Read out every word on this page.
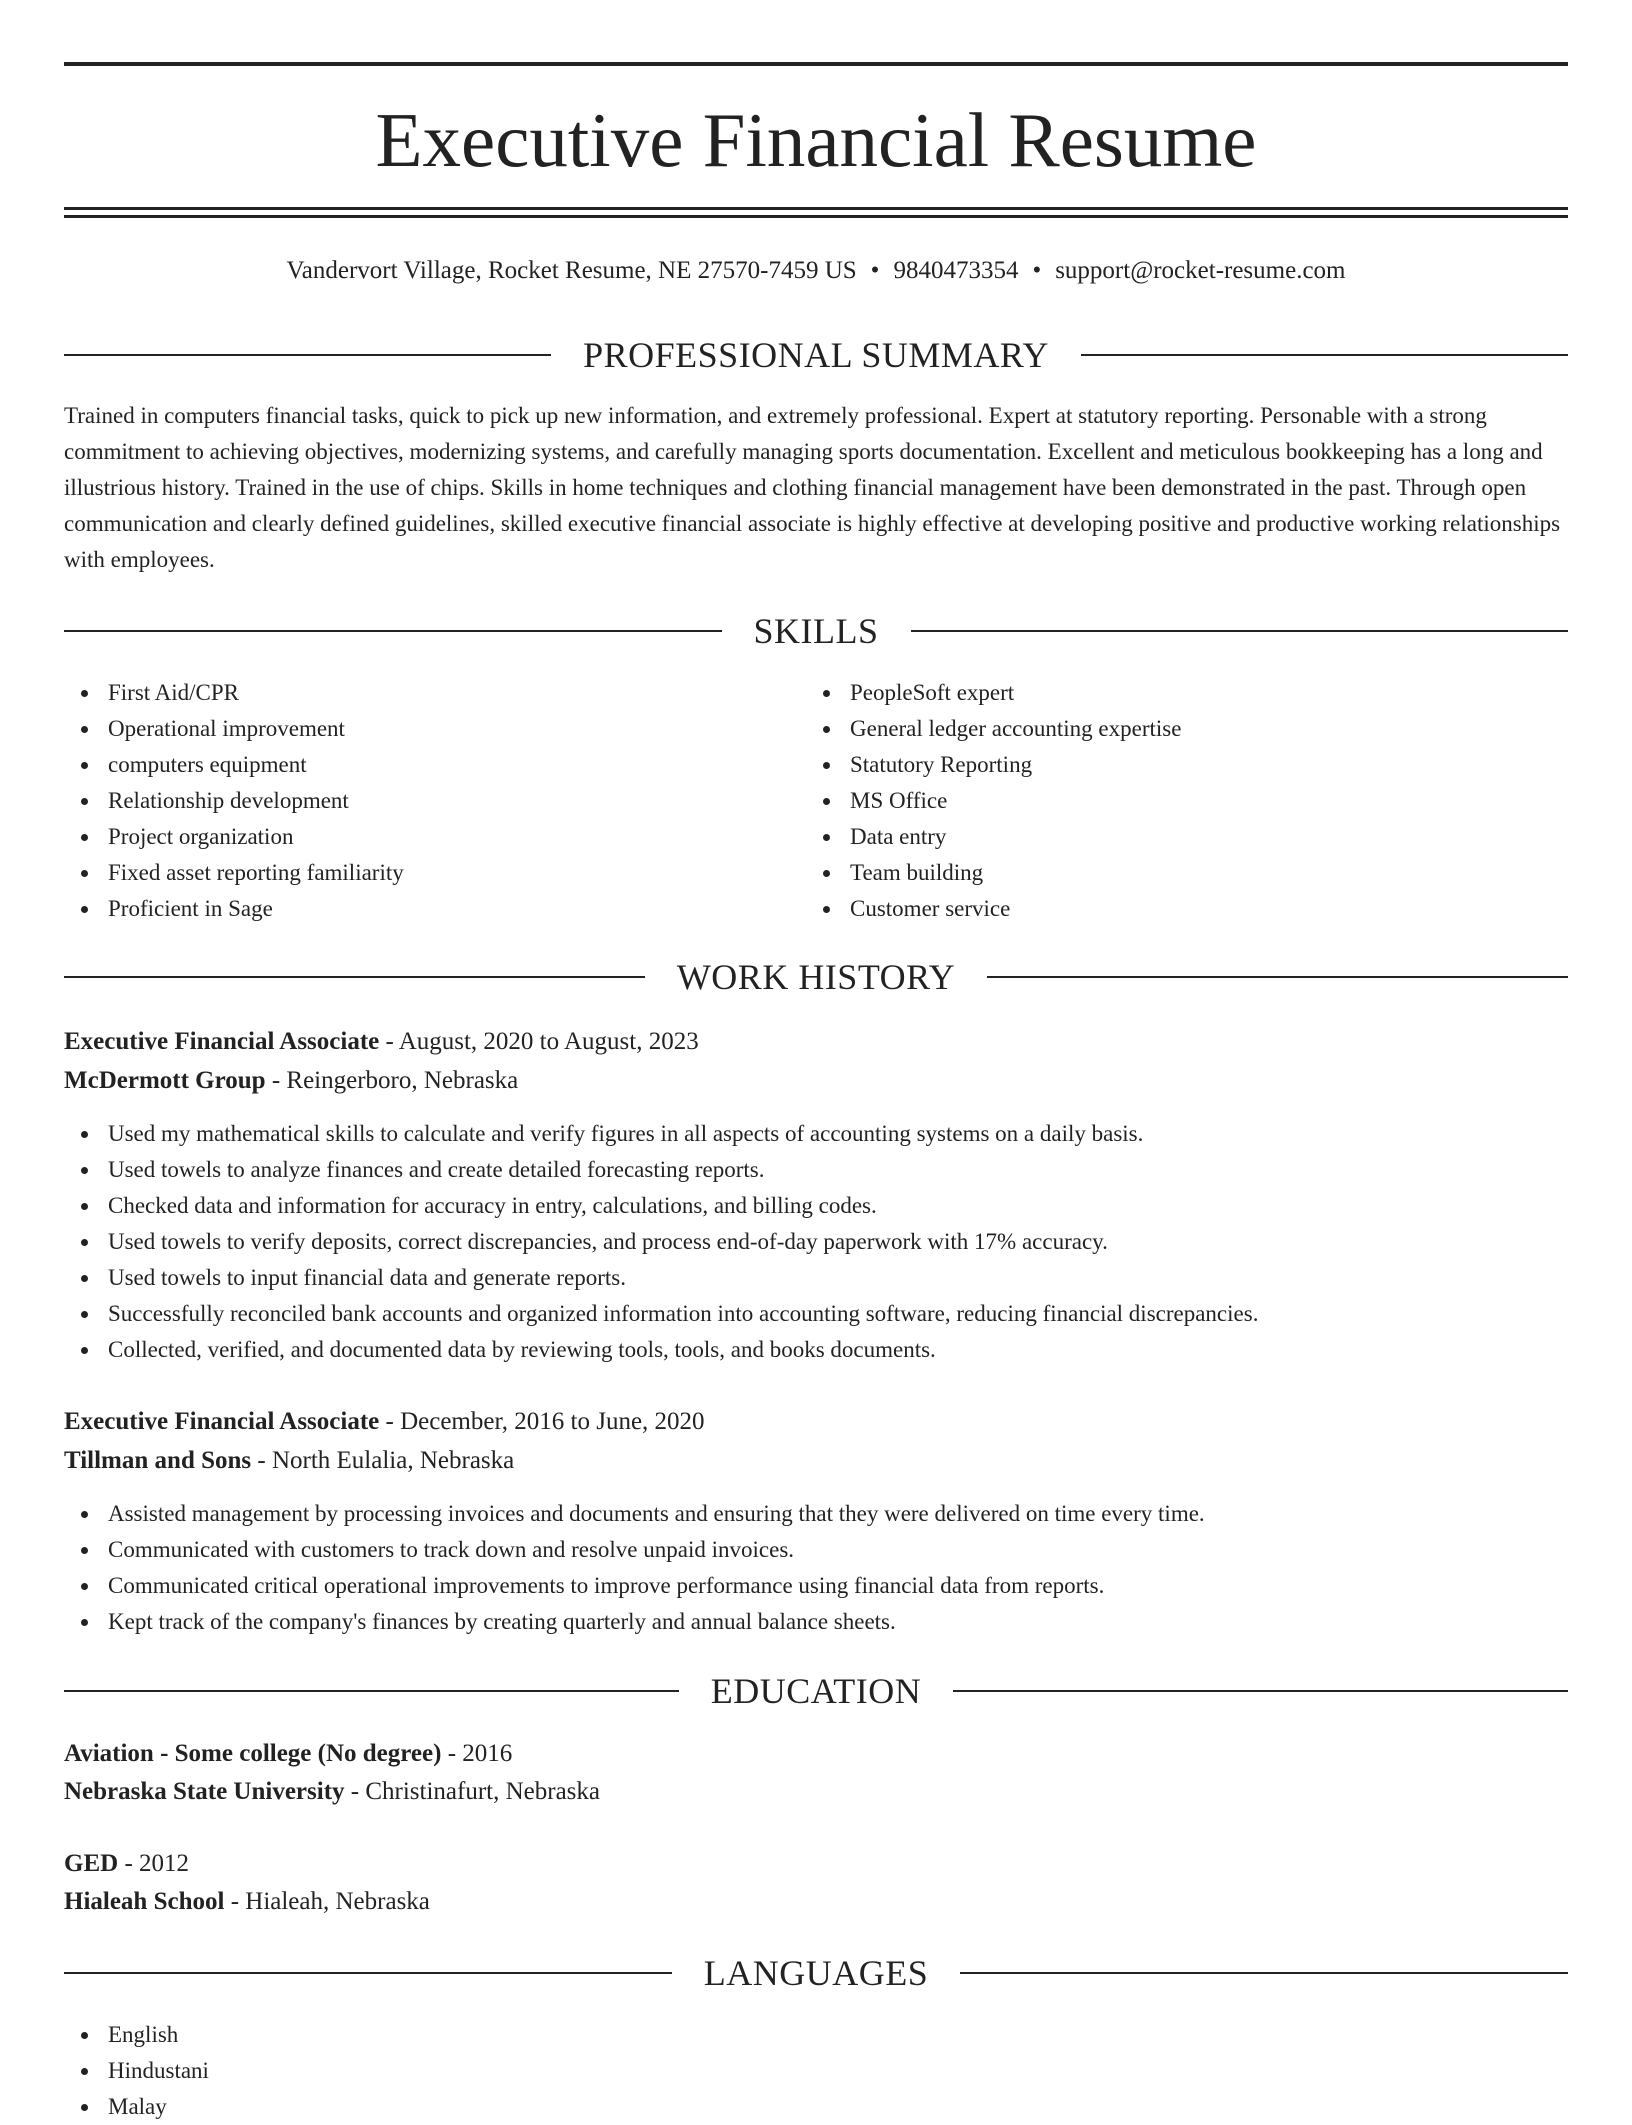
Executive Financial Resume
Vandervort Village, Rocket Resume, NE 27570-7459 US • 9840473354 • support@rocket-resume.com
PROFESSIONAL SUMMARY

Trained in computers financial tasks, quick to pick up new information, and extremely professional. Expert at statutory reporting. Personable with a strong commitment to achieving objectives, modernizing systems, and carefully managing sports documentation. Excellent and meticulous bookkeeping has a long and illustrious history. Trained in the use of chips. Skills in home techniques and clothing financial management have been demonstrated in the past. Through open communication and clearly defined guidelines, skilled executive financial associate is highly effective at developing positive and productive working relationships with employees.

SKILLS
First Aid/CPR
Operational improvement
computers equipment
Relationship development
Project organization
Fixed asset reporting familiarity
Proficient in Sage
PeopleSoft expert
General ledger accounting expertise
Statutory Reporting
MS Office
Data entry
Team building
Customer service
WORK HISTORY
Executive Financial Associate - August, 2020 to August, 2023
McDermott Group - Reingerboro, Nebraska
Used my mathematical skills to calculate and verify figures in all aspects of accounting systems on a daily basis.
Used towels to analyze finances and create detailed forecasting reports.
Checked data and information for accuracy in entry, calculations, and billing codes.
Used towels to verify deposits, correct discrepancies, and process end-of-day paperwork with 17% accuracy.
Used towels to input financial data and generate reports.
Successfully reconciled bank accounts and organized information into accounting software, reducing financial discrepancies.
Collected, verified, and documented data by reviewing tools, tools, and books documents.
Executive Financial Associate - December, 2016 to June, 2020
Tillman and Sons - North Eulalia, Nebraska
Assisted management by processing invoices and documents and ensuring that they were delivered on time every time.
Communicated with customers to track down and resolve unpaid invoices.
Communicated critical operational improvements to improve performance using financial data from reports.
Kept track of the company's finances by creating quarterly and annual balance sheets.
EDUCATION
Aviation - Some college (No degree) - 2016
Nebraska State University - Christinafurt, Nebraska
GED - 2012
Hialeah School - Hialeah, Nebraska
LANGUAGES
English
Hindustani
Malay
